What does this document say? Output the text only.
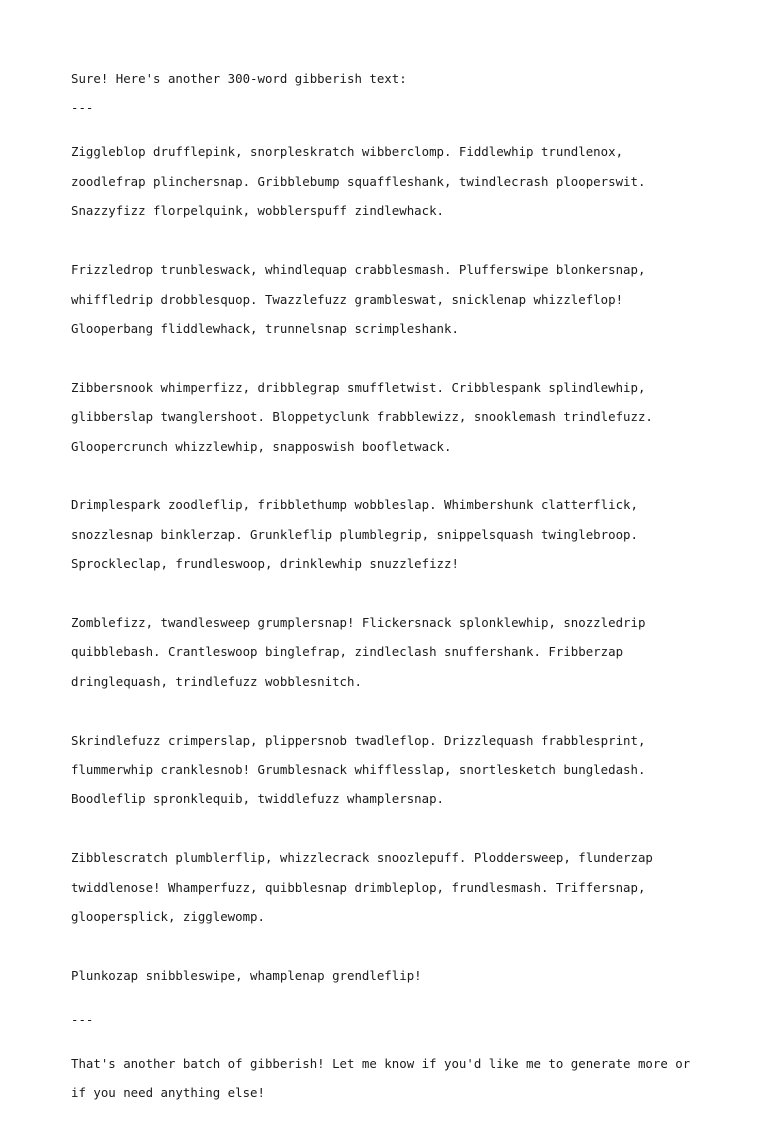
Sure! Here's another 300-word gibberish text:

---

Ziggleblop drufflepink, snorpleskratch wibberclomp. Fiddlewhip trundlenox,

zoodlefrap plinchersnap. Gribblebump squaffleshank, twindlecrash plooperswit.

Snazzyfizz florpelquink, wobblerspuff zindlewhack.

Frizzledrop trunbleswack, whindlequap crabblesmash. Plufferswipe blonkersnap,

whiffledrip drobblesquop. Twazzlefuzz grambleswat, snicklenap whizzleflop!

Glooperbang fliddlewhack, trunnelsnap scrimpleshank.

Zibbersnook whimperfizz, dribblegrap smuffletwist. Cribblespank splindlewhip,

glibberslap twanglershoot. Bloppetyclunk frabblewizz, snooklemash trindlefuzz.

Gloopercrunch whizzlewhip, snapposwish boofletwack.

Drimplespark zoodleflip, fribblethump wobbleslap. Whimbershunk clatterflick,

snozzlesnap binklerzap. Grunkleflip plumblegrip, snippelsquash twinglebroop.

Sprockleclap, frundleswoop, drinklewhip snuzzlefizz!

Zomblefizz, twandlesweep grumplersnap! Flickersnack splonklewhip, snozzledrip

quibblebash. Crantleswoop binglefrap, zindleclash snuffershank. Fribberzap

dringlequash, trindlefuzz wobblesnitch.

Skrindlefuzz crimperslap, plippersnob twadleflop. Drizzlequash frabblesprint,

flummerwhip cranklesnob! Grumblesnack whifflesslap, snortlesketch bungledash.

Boodleflip spronklequib, twiddlefuzz whamplersnap.

Zibblescratch plumblerflip, whizzlecrack snoozlepuff. Ploddersweep, flunderzap

twiddlenose! Whamperfuzz, quibblesnap drimbleplop, frundlesmash. Triffersnap,

gloopersplick, zigglewomp.

Plunkozap snibbleswipe, whamplenap grendleflip!

---

That's another batch of gibberish! Let me know if you'd like me to generate more or

if you need anything else!
